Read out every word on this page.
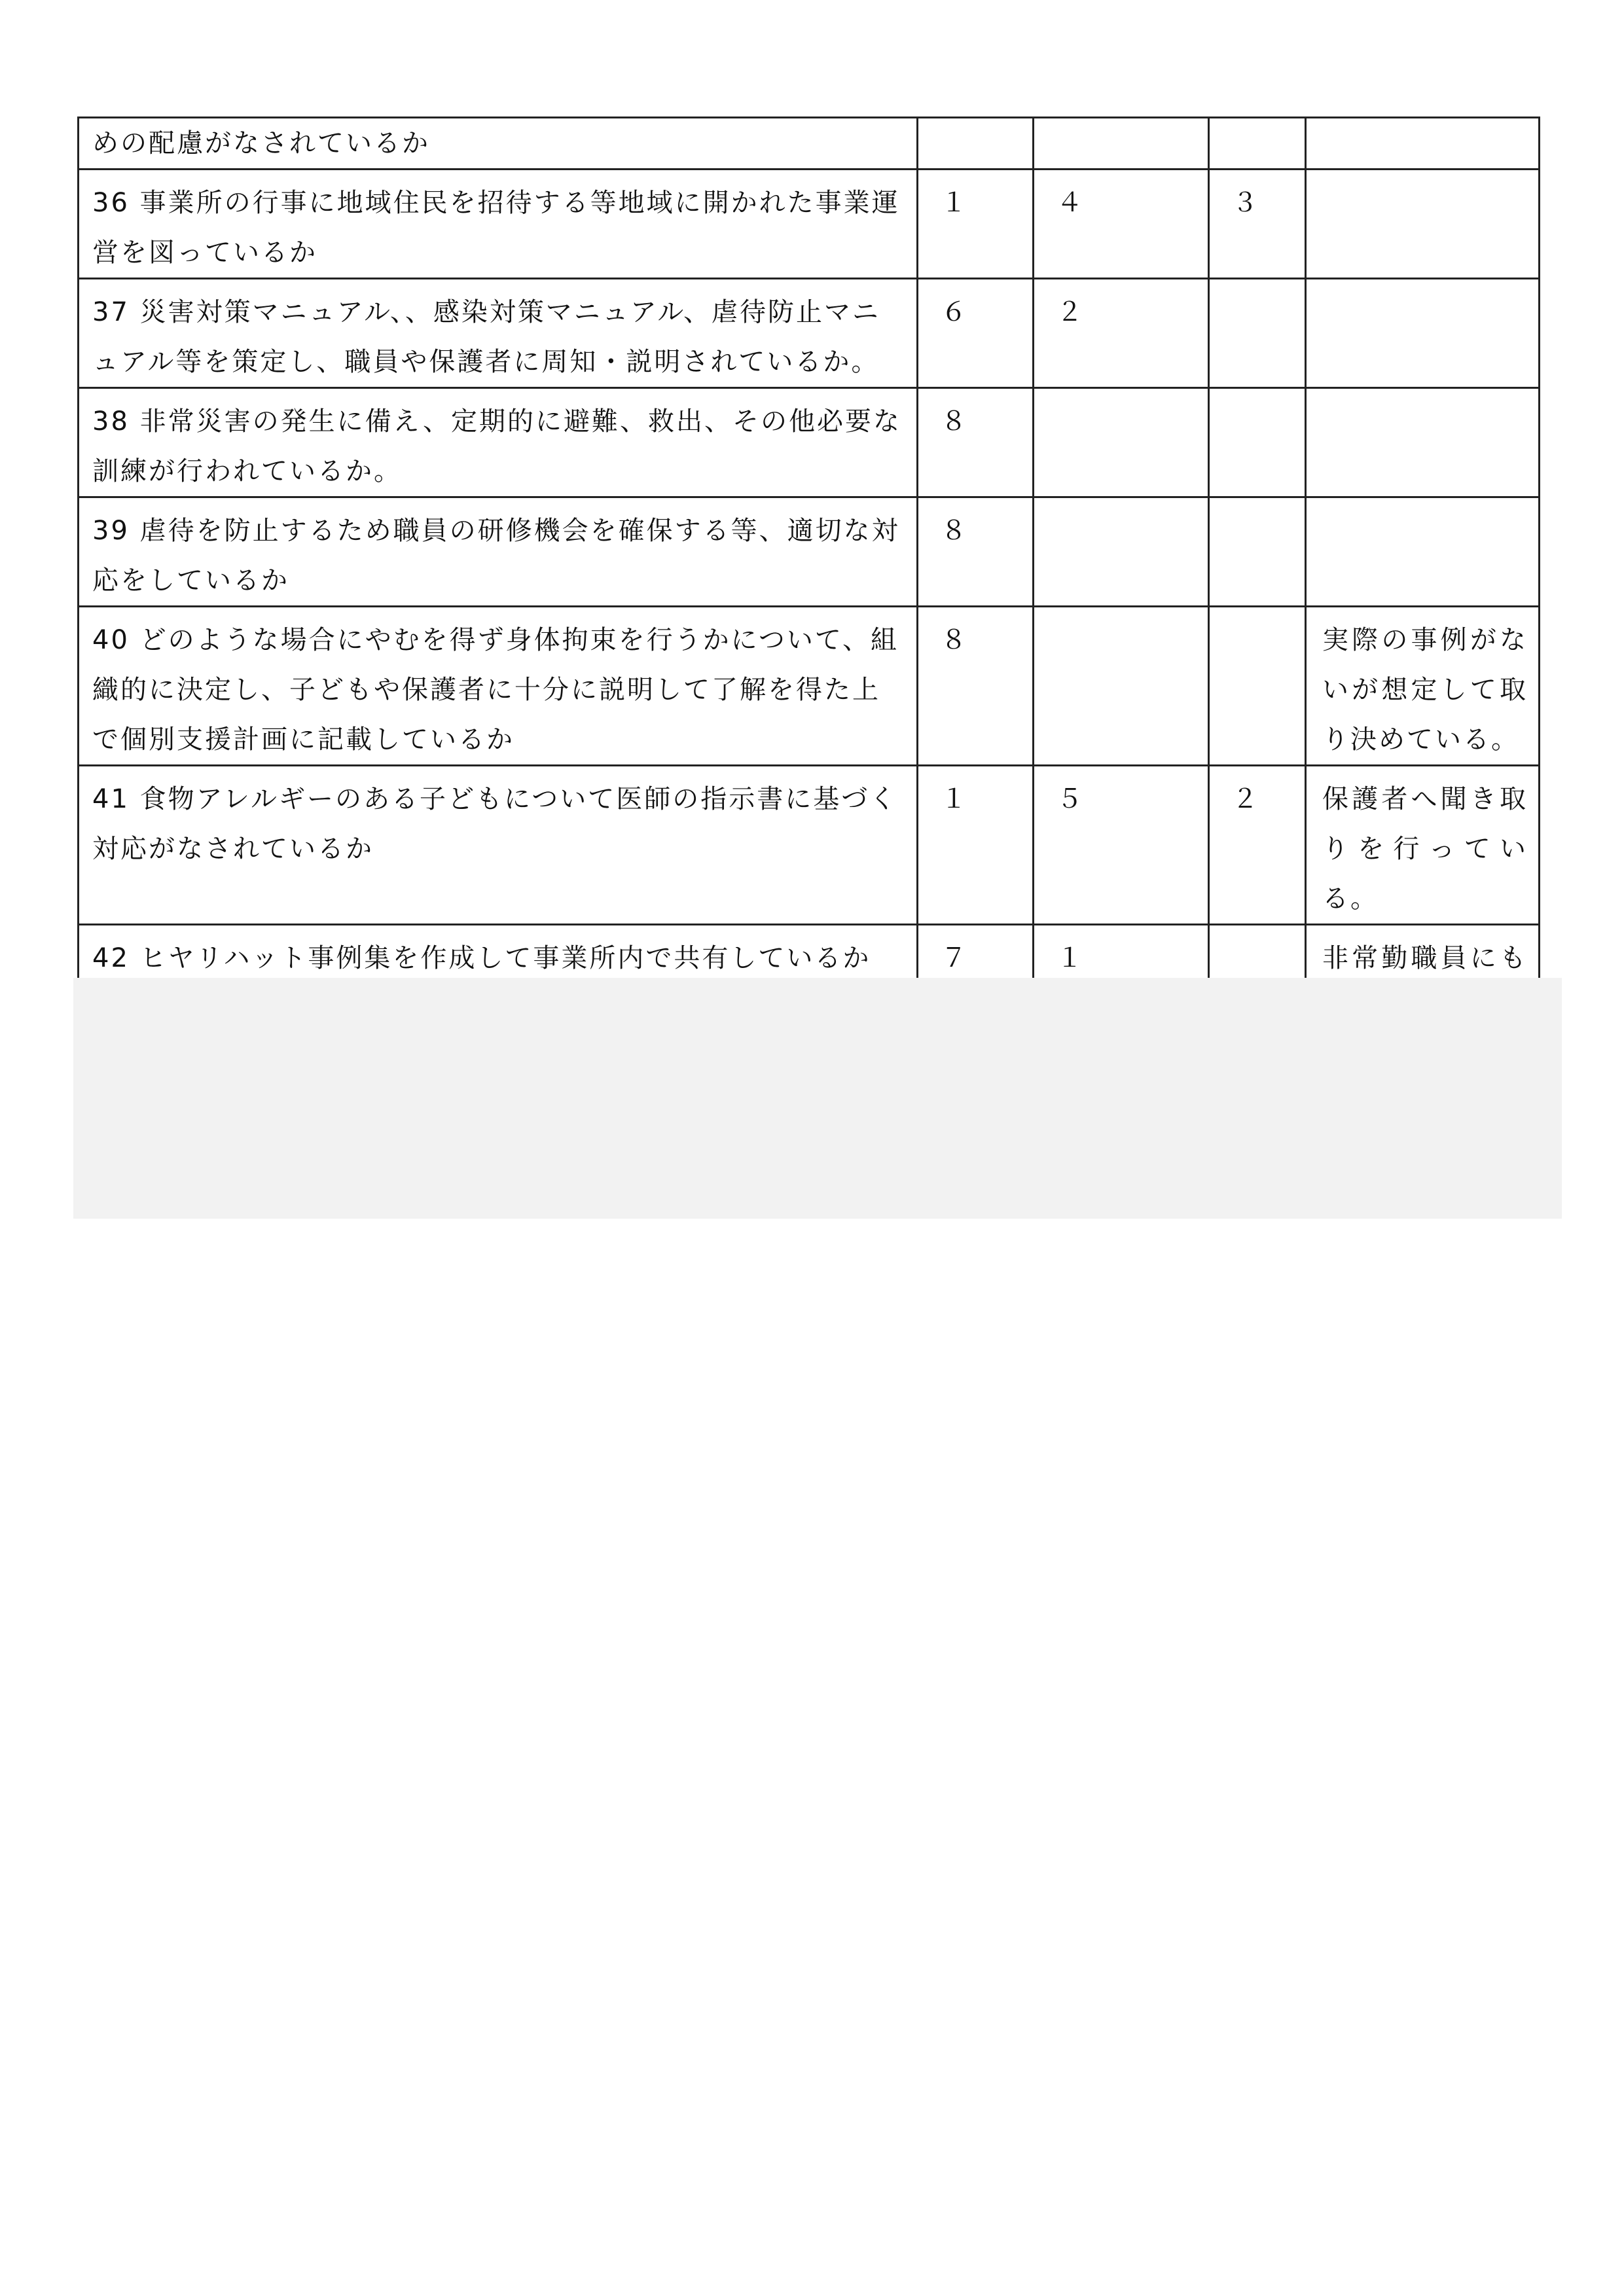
めの配慮がなされているか				
36 事業所の行事に地域住民を招待する等地域に開かれた事業運営を図っているか	１	４	３	
37 災害対策マニュアル、、感染対策マニュアル、虐待防止マニュアル等を策定し、職員や保護者に周知・説明されているか。	６	２		
38 非常災害の発生に備え、定期的に避難、救出、その他必要な訓練が行われているか。	８			
39 虐待を防止するため職員の研修機会を確保する等、適切な対応をしているか	８			
40 どのような場合にやむを得ず身体拘束を行うかについて、組織的に決定し、子どもや保護者に十分に説明して了解を得た上で個別支援計画に記載しているか	８			実際の事例がないが想定して取り決めている。
41 食物アレルギーのある子どもについて医師の指示書に基づく対応がなされているか	１	５	２	保護者へ聞き取りを行っている。
42 ヒヤリハット事例集を作成して事業所内で共有しているか	７	１		非常勤職員にも
